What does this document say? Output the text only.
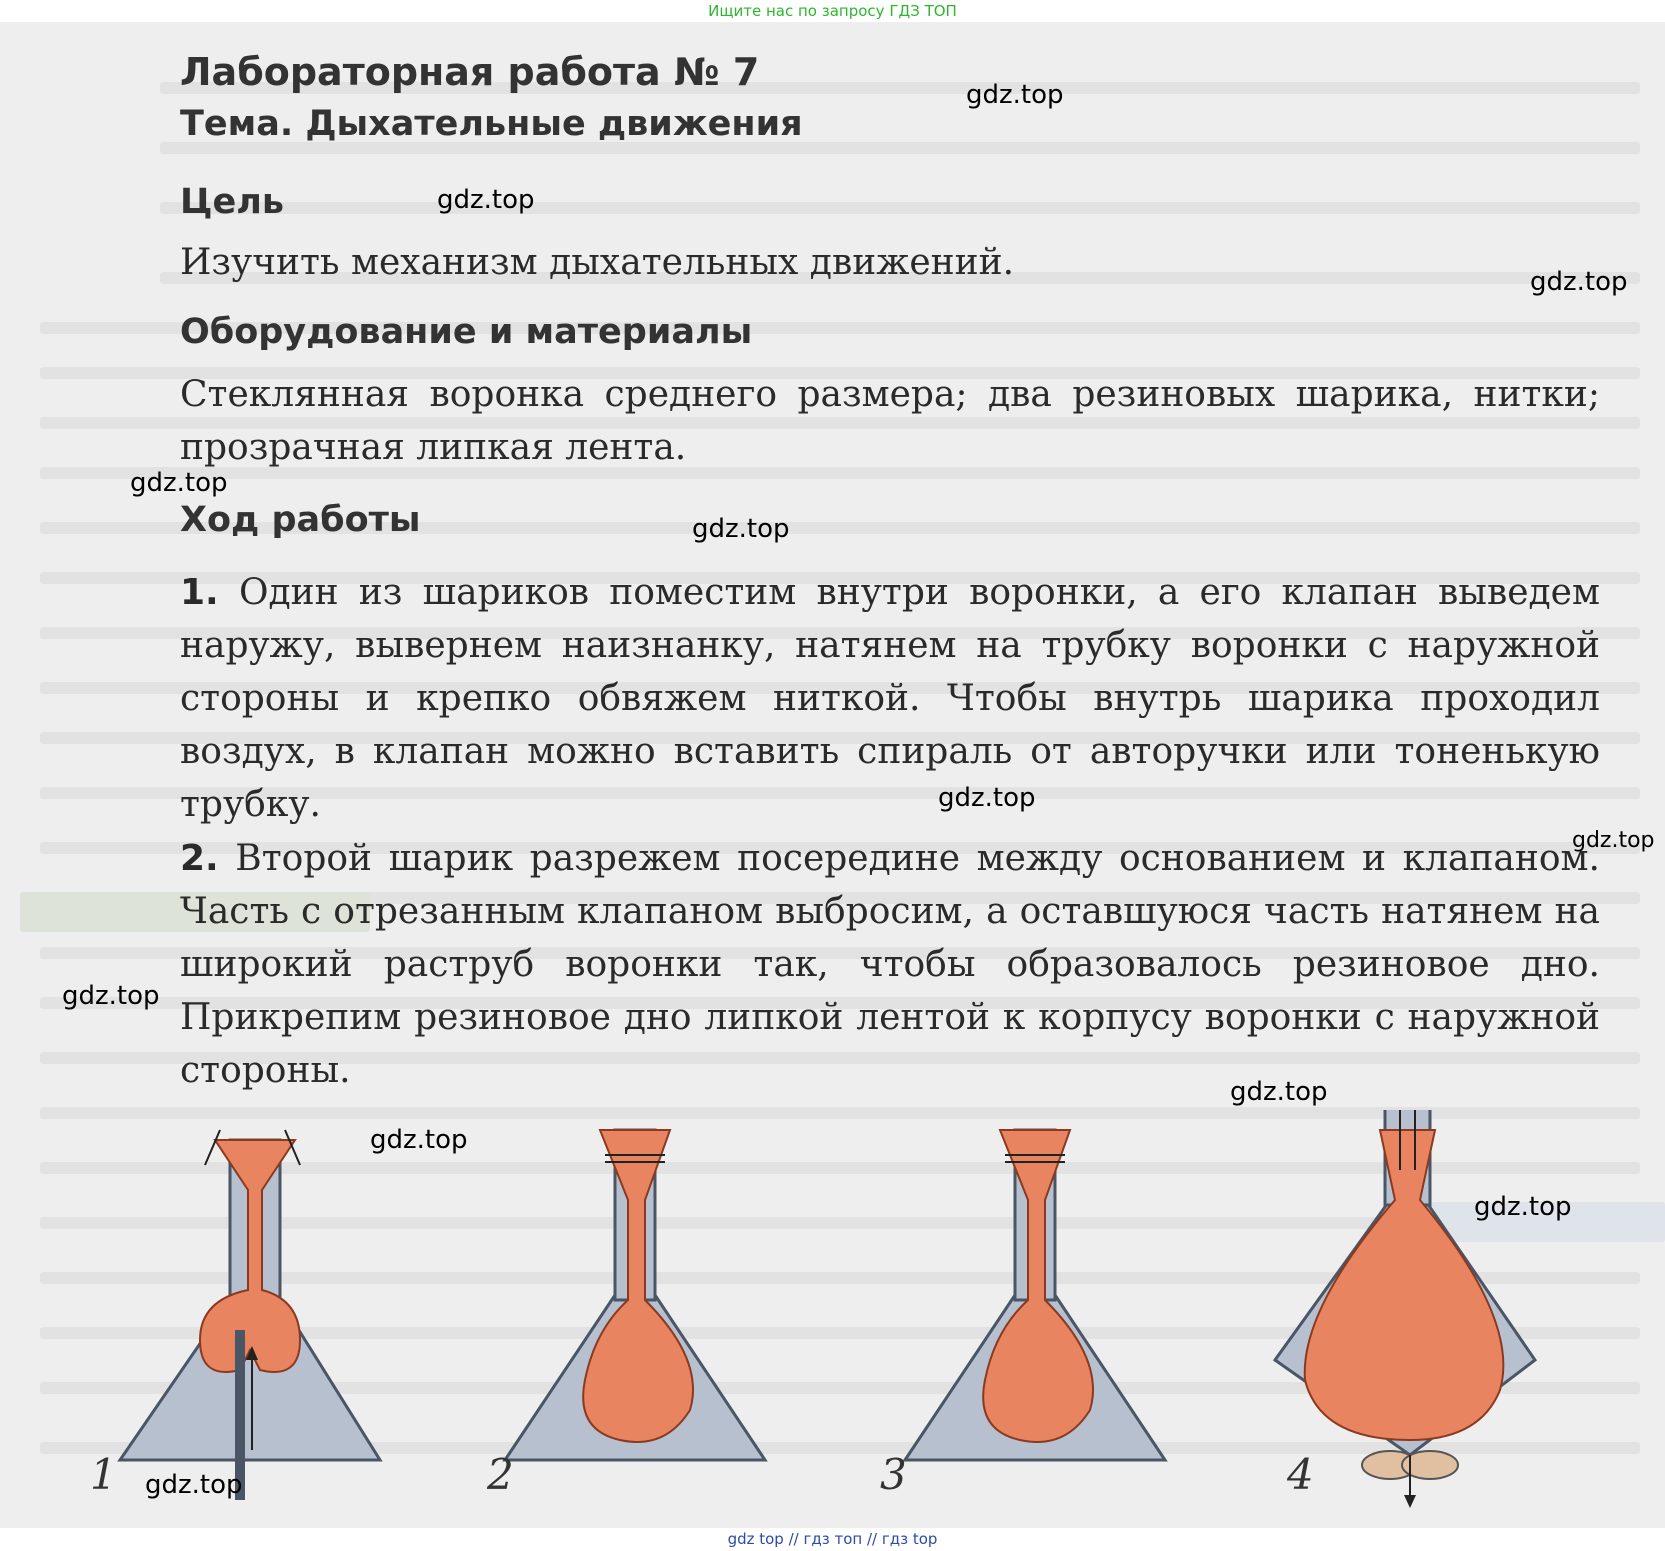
Ищите нас по запросу ГДЗ ТОП
Лабораторная работа № 7
Тема. Дыхательные движения
Цель
Изучить механизм дыхательных движений.
Оборудование и материалы
Стеклянная воронка среднего размера; два резиновых шарика, нитки; прозрачная липкая лента.
Ход работы
1. Один из шариков поместим внутри воронки, а его клапан выведем наружу, вывернем наизнанку, натянем на трубку воронки с наружной стороны и крепко обвяжем ниткой. Чтобы внутрь шарика проходил воздух, в клапан можно вставить спираль от авторучки или тоненькую трубку.
2. Второй шарик разрежем посередине между основанием и клапаном. Часть с отрезанным клапаном выбросим, а оставшуюся часть натянем на широкий раструб воронки так, чтобы образовалось резиновое дно. Прикрепим резиновое дно липкой лентой к корпусу воронки с наружной стороны.
1	2	3	4
gdz.top
gdz.top
gdz.top
gdz.top
gdz.top
gdz.top
gdz.top
gdz.top
gdz.top
gdz.top
gdz.top
gdz.top
gdz top // гдз топ // гдз top
